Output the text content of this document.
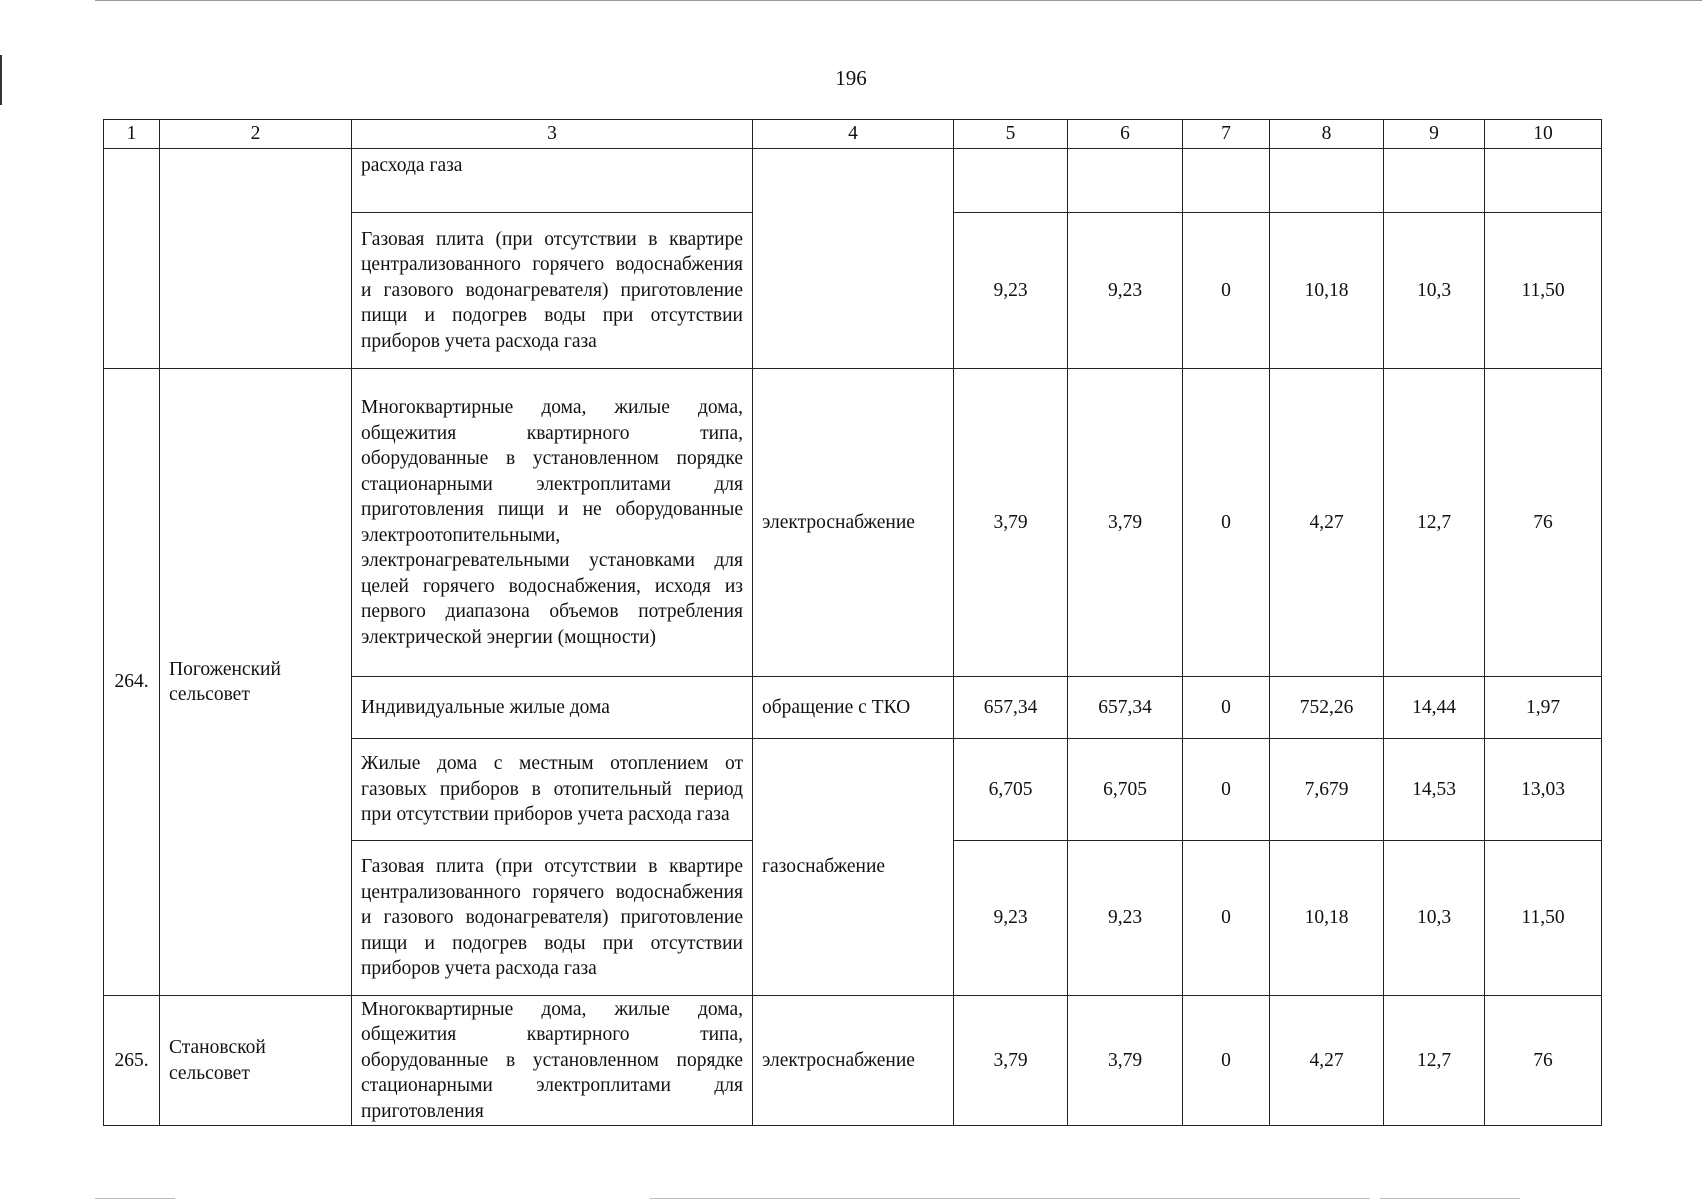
196
1	2	3	4	5	6	7	8	9	10
		расхода газа							
		Газовая плита (при отсутствии в квартире централизованного горячего водоснабжения и газового водонагревателя) приготовление пищи и подогрев воды при отсутствии приборов учета расхода газа		9,23	9,23	0	10,18	10,3	11,50
264.	Погоженский сельсовет	Многоквартирные дома, жилые дома, общежития квартирного типа, оборудованные в установленном порядке стационарными электроплитами для приготовления пищи и не оборудованные электроотопительными, электронагревательными установками для целей горячего водоснабжения, исходя из первого диапазона объемов потребления электрической энергии (мощности)	электроснабжение	3,79	3,79	0	4,27	12,7	76
		Индивидуальные жилые дома	обращение с ТКО	657,34	657,34	0	752,26	14,44	1,97
		Жилые дома с местным отоплением от газовых приборов в отопительный период при отсутствии приборов учета расхода газа	газоснабжение	6,705	6,705	0	7,679	14,53	13,03
		Газовая плита (при отсутствии в квартире централизованного горячего водоснабжения и газового водонагревателя) приготовление пищи и подогрев воды при отсутствии приборов учета расхода газа		9,23	9,23	0	10,18	10,3	11,50
265.	Становской сельсовет	Многоквартирные дома, жилые дома, общежития квартирного типа, оборудованные в установленном порядке стационарными электроплитами для приготовления	электроснабжение	3,79	3,79	0	4,27	12,7	76
